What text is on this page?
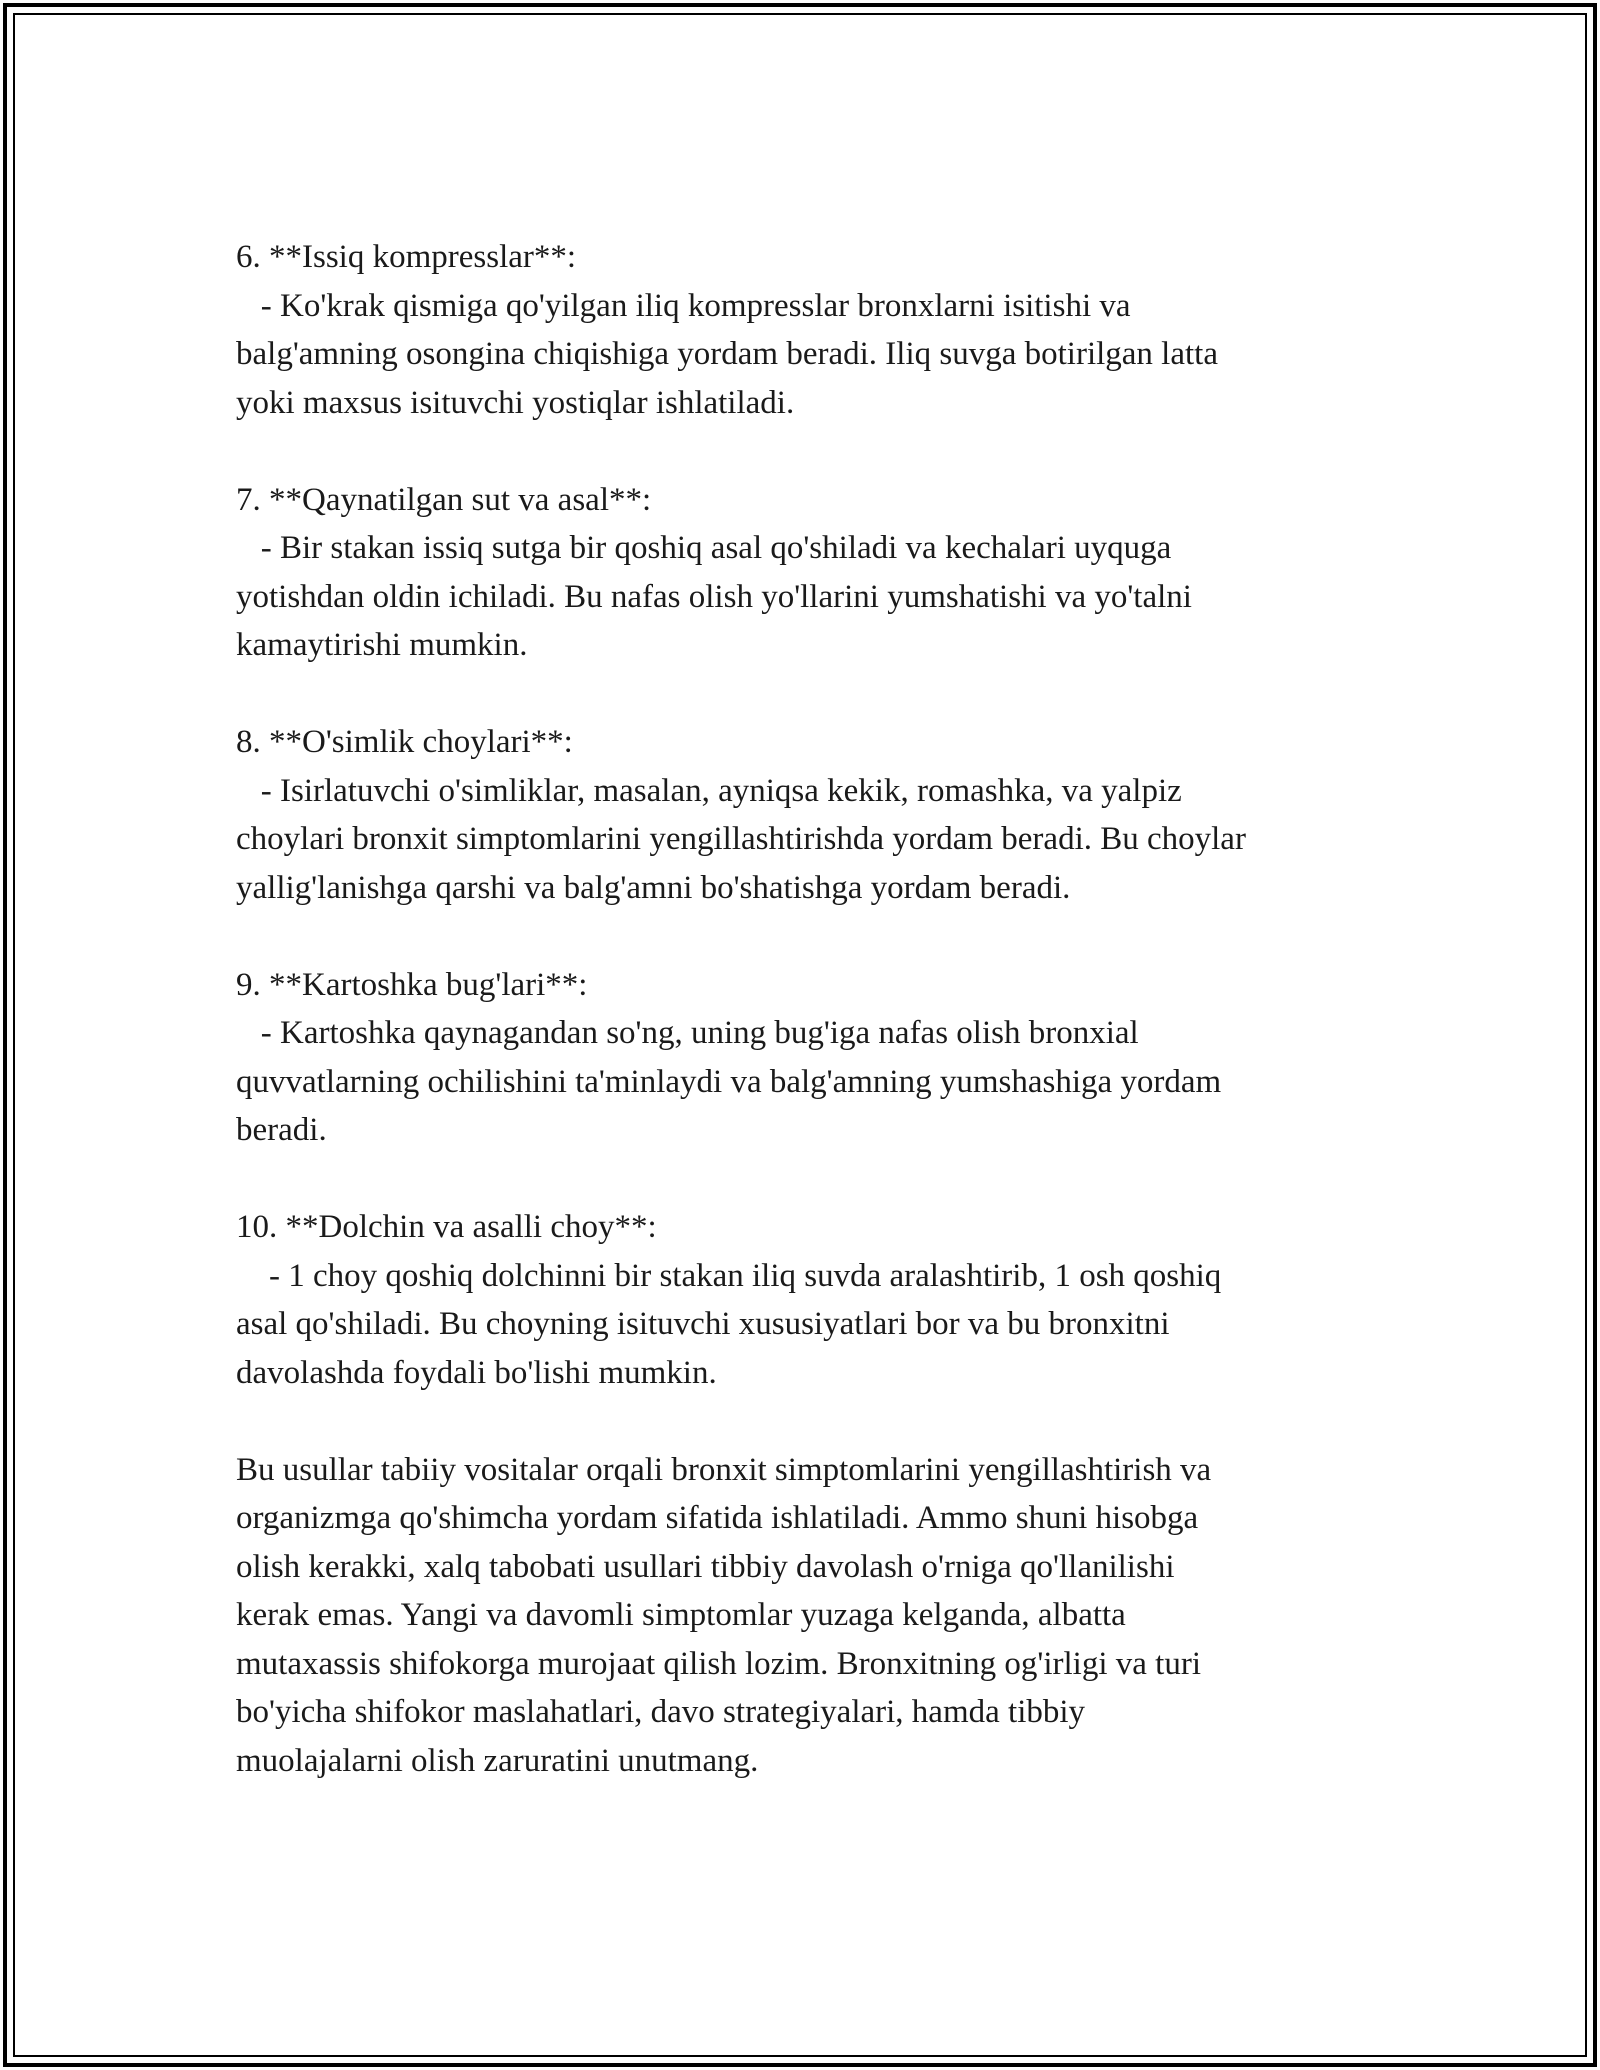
6. **Issiq kompresslar**:
- Ko'krak qismiga qo'yilgan iliq kompresslar bronxlarni isitishi va
balg'amning osongina chiqishiga yordam beradi. Iliq suvga botirilgan latta
yoki maxsus isituvchi yostiqlar ishlatiladi.
7. **Qaynatilgan sut va asal**:
- Bir stakan issiq sutga bir qoshiq asal qo'shiladi va kechalari uyquga
yotishdan oldin ichiladi. Bu nafas olish yo'llarini yumshatishi va yo'talni
kamaytirishi mumkin.
8. **O'simlik choylari**:
- Isirlatuvchi o'simliklar, masalan, ayniqsa kekik, romashka, va yalpiz
choylari bronxit simptomlarini yengillashtirishda yordam beradi. Bu choylar
yallig'lanishga qarshi va balg'amni bo'shatishga yordam beradi.
9. **Kartoshka bug'lari**:
- Kartoshka qaynagandan so'ng, uning bug'iga nafas olish bronxial
quvvatlarning ochilishini ta'minlaydi va balg'amning yumshashiga yordam
beradi.
10. **Dolchin va asalli choy**:
- 1 choy qoshiq dolchinni bir stakan iliq suvda aralashtirib, 1 osh qoshiq
asal qo'shiladi. Bu choyning isituvchi xususiyatlari bor va bu bronxitni
davolashda foydali bo'lishi mumkin.
Bu usullar tabiiy vositalar orqali bronxit simptomlarini yengillashtirish va
organizmga qo'shimcha yordam sifatida ishlatiladi. Ammo shuni hisobga
olish kerakki, xalq tabobati usullari tibbiy davolash o'rniga qo'llanilishi
kerak emas. Yangi va davomli simptomlar yuzaga kelganda, albatta
mutaxassis shifokorga murojaat qilish lozim. Bronxitning og'irligi va turi
bo'yicha shifokor maslahatlari, davo strategiyalari, hamda tibbiy
muolajalarni olish zaruratini unutmang.
